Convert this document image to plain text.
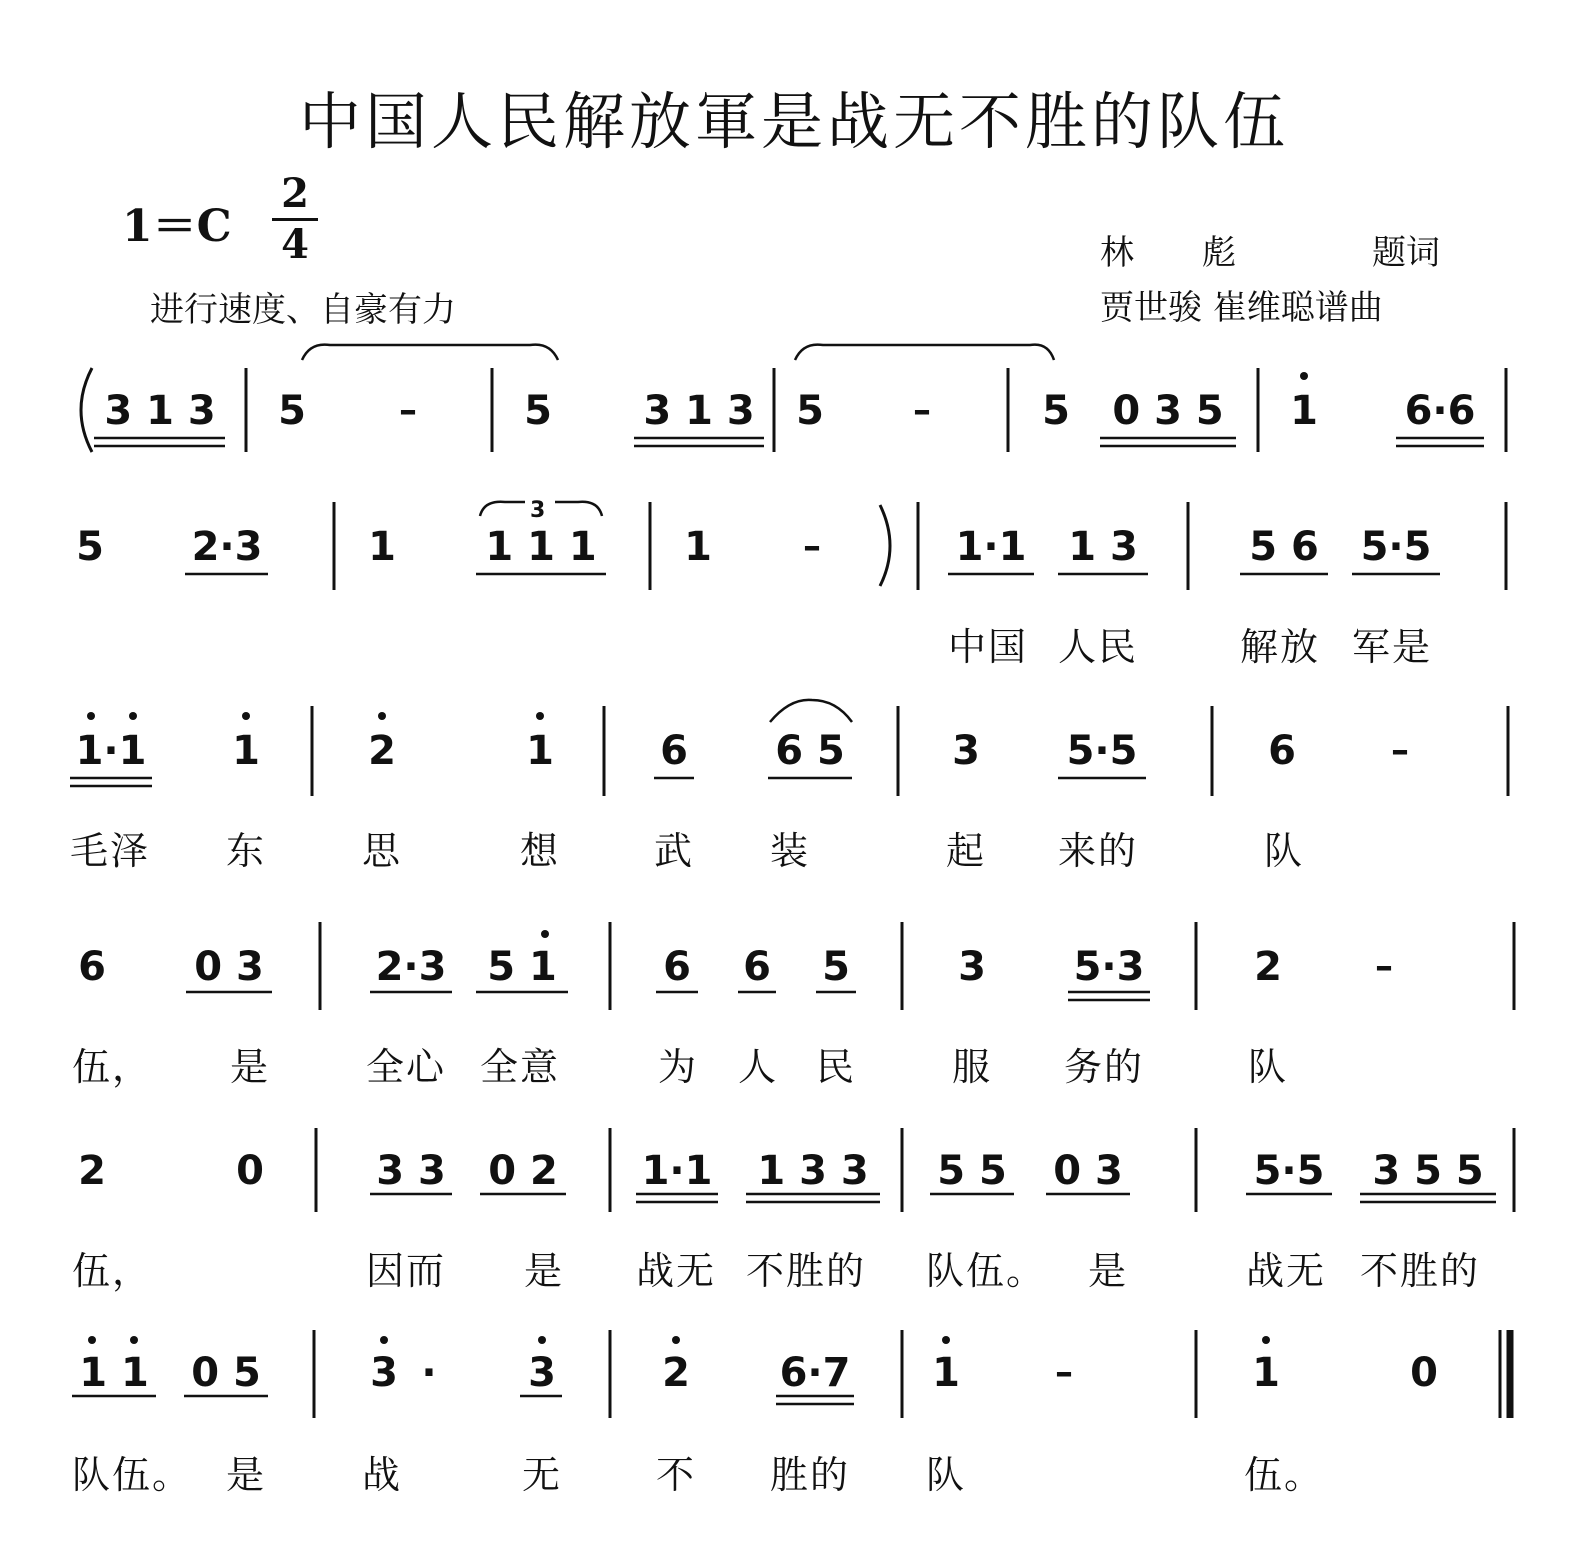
中国人民解放軍是战无不胜的队伍
1＝C
2
4
进行速度、自豪有力
林　　彪	题词
贾世骏 崔维聪谱曲
3 1 3 5	–	5 3 1 3 5	–	5	0 3 5	1 6·6
5 2·3	1 1 1 1
3
1	–	1·1 1 3	5 6 5·5
中国 人民	解放 军是
1·1 1	2	1	6 6 5	3 5·5	6	–
毛泽 东	思	想 武 装	起 来的	队
6 0 3	2·3 5 1	6 6 5	3 5·3	2	–
伍， 是	全心 全意	为 人 民	服 务的	队
2	0	3 3 0 2 1·1 1 3 3 5 5 0 3	5·5	3 5 5
伍，	因而 是 战无 不胜的 队伍。 是	战无 不胜的
1 1 0 5	3 · 3	2 6·7 1	–	1	0
队伍。 是	战	无 不 胜的 队	伍。
